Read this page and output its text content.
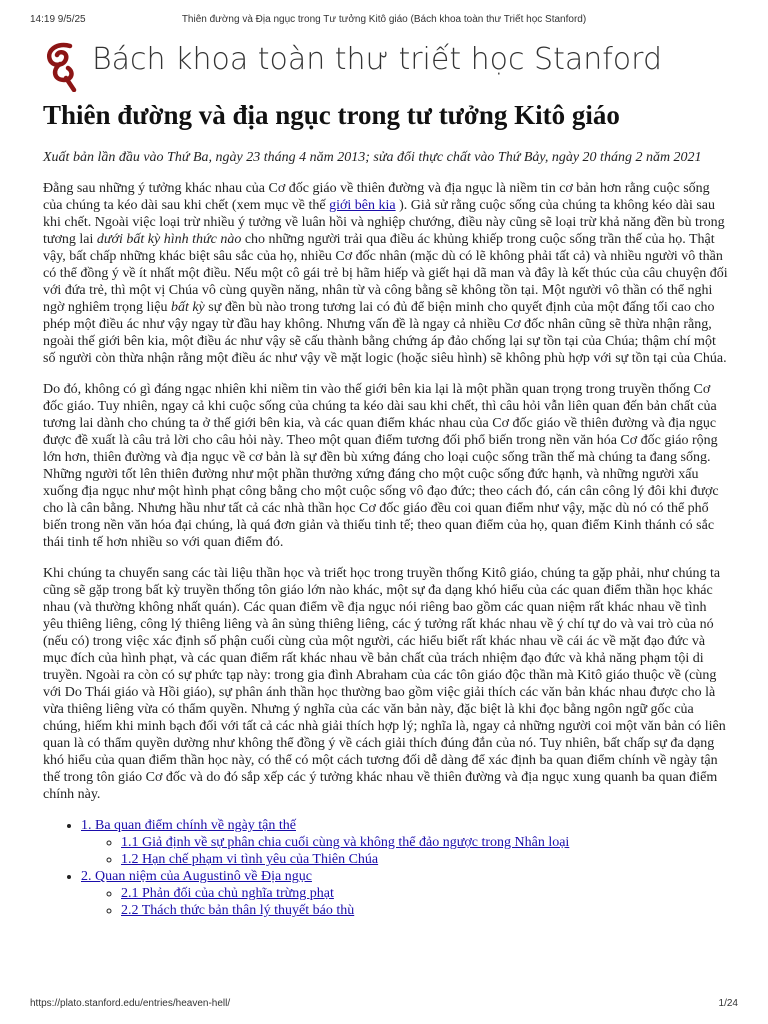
14:19 9/5/25	Thiên đường và Địa ngục trong Tư tưởng Kitô giáo (Bách khoa toàn thư Triết học Stanford)
Bách khoa toàn thư triết học Stanford
Thiên đường và địa ngục trong tư tưởng Kitô giáo
Xuất bản lần đầu vào Thứ Ba, ngày 23 tháng 4 năm 2013; sửa đổi thực chất vào Thứ Bảy, ngày 20 tháng 2 năm 2021

Đằng sau những ý tưởng khác nhau của Cơ đốc giáo về thiên đường và địa ngục là niềm tin cơ bản hơn rằng cuộc sống của chúng ta kéo dài sau khi chết (xem mục về thế giới bên kia ). Giả sử rằng cuộc sống của chúng ta không kéo dài sau khi chết. Ngoài việc loại trừ nhiều ý tưởng về luân hồi và nghiệp chướng, điều này cũng sẽ loại trừ khả năng đền bù trong tương lai dưới bất kỳ hình thức nào cho những người trải qua điều ác khủng khiếp trong cuộc sống trần thế của họ. Thật vậy, bất chấp những khác biệt sâu sắc của họ, nhiều Cơ đốc nhân (mặc dù có lẽ không phải tất cả) và nhiều người vô thần có thể đồng ý về ít nhất một điều. Nếu một cô gái trẻ bị hãm hiếp và giết hại dã man và đây là kết thúc của câu chuyện đối với đứa trẻ, thì một vị Chúa vô cùng quyền năng, nhân từ và công bằng sẽ không tồn tại. Một người vô thần có thể nghi ngờ nghiêm trọng liệu bất kỳ sự đền bù nào trong tương lai có đủ để biện minh cho quyết định của một đấng tối cao cho phép một điều ác như vậy ngay từ đầu hay không. Nhưng vấn đề là ngay cả nhiều Cơ đốc nhân cũng sẽ thừa nhận rằng, ngoài thế giới bên kia, một điều ác như vậy sẽ cấu thành bằng chứng áp đảo chống lại sự tồn tại của Chúa; thậm chí một số người còn thừa nhận rằng một điều ác như vậy về mặt logic (hoặc siêu hình) sẽ không phù hợp với sự tồn tại của Chúa.

Do đó, không có gì đáng ngạc nhiên khi niềm tin vào thế giới bên kia lại là một phần quan trọng trong truyền thống Cơ đốc giáo. Tuy nhiên, ngay cả khi cuộc sống của chúng ta kéo dài sau khi chết, thì câu hỏi vẫn liên quan đến bản chất của tương lai dành cho chúng ta ở thế giới bên kia, và các quan điểm khác nhau của Cơ đốc giáo về thiên đường và địa ngục được đề xuất là câu trả lời cho câu hỏi này. Theo một quan điểm tương đối phổ biến trong nền văn hóa Cơ đốc giáo rộng lớn hơn, thiên đường và địa ngục về cơ bản là sự đền bù xứng đáng cho loại cuộc sống trần thế mà chúng ta đang sống. Những người tốt lên thiên đường như một phần thưởng xứng đáng cho một cuộc sống đức hạnh, và những người xấu xuống địa ngục như một hình phạt công bằng cho một cuộc sống vô đạo đức; theo cách đó, cán cân công lý đôi khi được cho là cân bằng. Nhưng hầu như tất cả các nhà thần học Cơ đốc giáo đều coi quan điểm như vậy, mặc dù nó có thể phổ biến trong nền văn hóa đại chúng, là quá đơn giản và thiếu tinh tế; theo quan điểm của họ, quan điểm Kinh thánh có sắc thái tinh tế hơn nhiều so với quan điểm đó.

Khi chúng ta chuyển sang các tài liệu thần học và triết học trong truyền thống Kitô giáo, chúng ta gặp phải, như chúng ta cũng sẽ gặp trong bất kỳ truyền thống tôn giáo lớn nào khác, một sự đa dạng khó hiểu của các quan điểm thần học khác nhau (và thường không nhất quán). Các quan điểm về địa ngục nói riêng bao gồm các quan niệm rất khác nhau về tình yêu thiêng liêng, công lý thiêng liêng và ân sủng thiêng liêng, các ý tưởng rất khác nhau về ý chí tự do và vai trò của nó (nếu có) trong việc xác định số phận cuối cùng của một người, các hiểu biết rất khác nhau về cái ác về mặt đạo đức và mục đích của hình phạt, và các quan điểm rất khác nhau về bản chất của trách nhiệm đạo đức và khả năng phạm tội di truyền. Ngoài ra còn có sự phức tạp này: trong gia đình Abraham của các tôn giáo độc thần mà Kitô giáo thuộc về (cùng với Do Thái giáo và Hồi giáo), sự phân ánh thần học thường bao gồm việc giải thích các văn bản khác nhau được cho là vừa thiêng liêng vừa có thẩm quyền. Nhưng ý nghĩa của các văn bản này, đặc biệt là khi đọc bằng ngôn ngữ gốc của chúng, hiếm khi minh bạch đối với tất cả các nhà giải thích hợp lý; nghĩa là, ngay cả những người coi một văn bản có liên quan là có thẩm quyền dường như không thể đồng ý về cách giải thích đúng đắn của nó. Tuy nhiên, bất chấp sự đa dạng khó hiểu của quan điểm thần học này, có thể có một cách tương đối dễ dàng để xác định ba quan điểm chính về ngày tận thế trong tôn giáo Cơ đốc và do đó sắp xếp các ý tưởng khác nhau về thiên đường và địa ngục xung quanh ba quan điểm chính này.

• 1. Ba quan điểm chính về ngày tận thế
◦ 1.1 Giả định về sự phân chia cuối cùng và không thể đảo ngược trong Nhân loại
◦ 1.2 Hạn chế phạm vi tình yêu của Thiên Chúa
• 2. Quan niệm của Augustinô về Địa ngục
◦ 2.1 Phản đối của chủ nghĩa trừng phạt
◦ 2.2 Thách thức bản thân lý thuyết báo thù
https://plato.stanford.edu/entries/heaven-hell/	1/24
